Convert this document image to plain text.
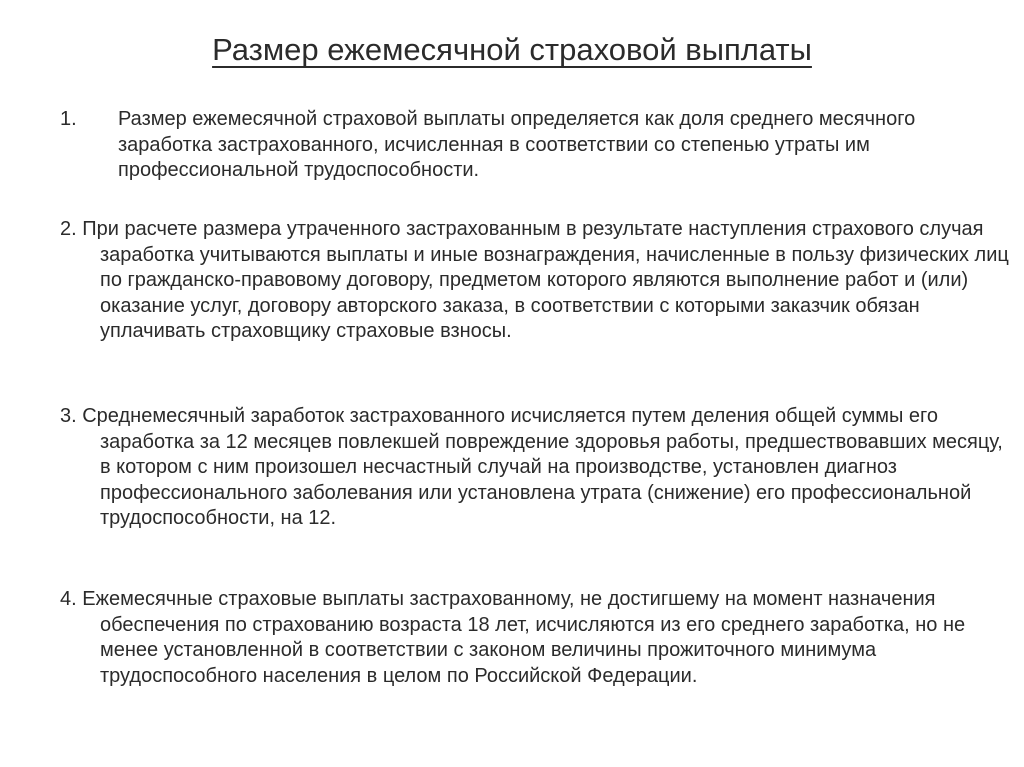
Размер ежемесячной страховой выплаты
1. Размер ежемесячной страховой выплаты определяется как доля среднего месячного заработка застрахованного, исчисленная в соответствии со степенью утраты им профессиональной трудоспособности.

2. При расчете размера утраченного застрахованным в результате наступления страхового случая заработка учитываются выплаты и иные вознаграждения, начисленные в пользу физических лиц по гражданско-правовому договору, предметом которого являются выполнение работ и (или) оказание услуг, договору авторского заказа, в соответствии с которыми заказчик обязан уплачивать страховщику страховые взносы.

3. Среднемесячный заработок застрахованного исчисляется путем деления общей суммы его заработка за 12 месяцев повлекшей повреждение здоровья работы, предшествовавших месяцу, в котором с ним произошел несчастный случай на производстве, установлен диагноз профессионального заболевания или установлена утрата (снижение) его профессиональной трудоспособности, на 12.

4. Ежемесячные страховые выплаты застрахованному, не достигшему на момент назначения обеспечения по страхованию возраста 18 лет, исчисляются из его среднего заработка, но не менее установленной в соответствии с законом величины прожиточного минимума трудоспособного населения в целом по Российской Федерации.
